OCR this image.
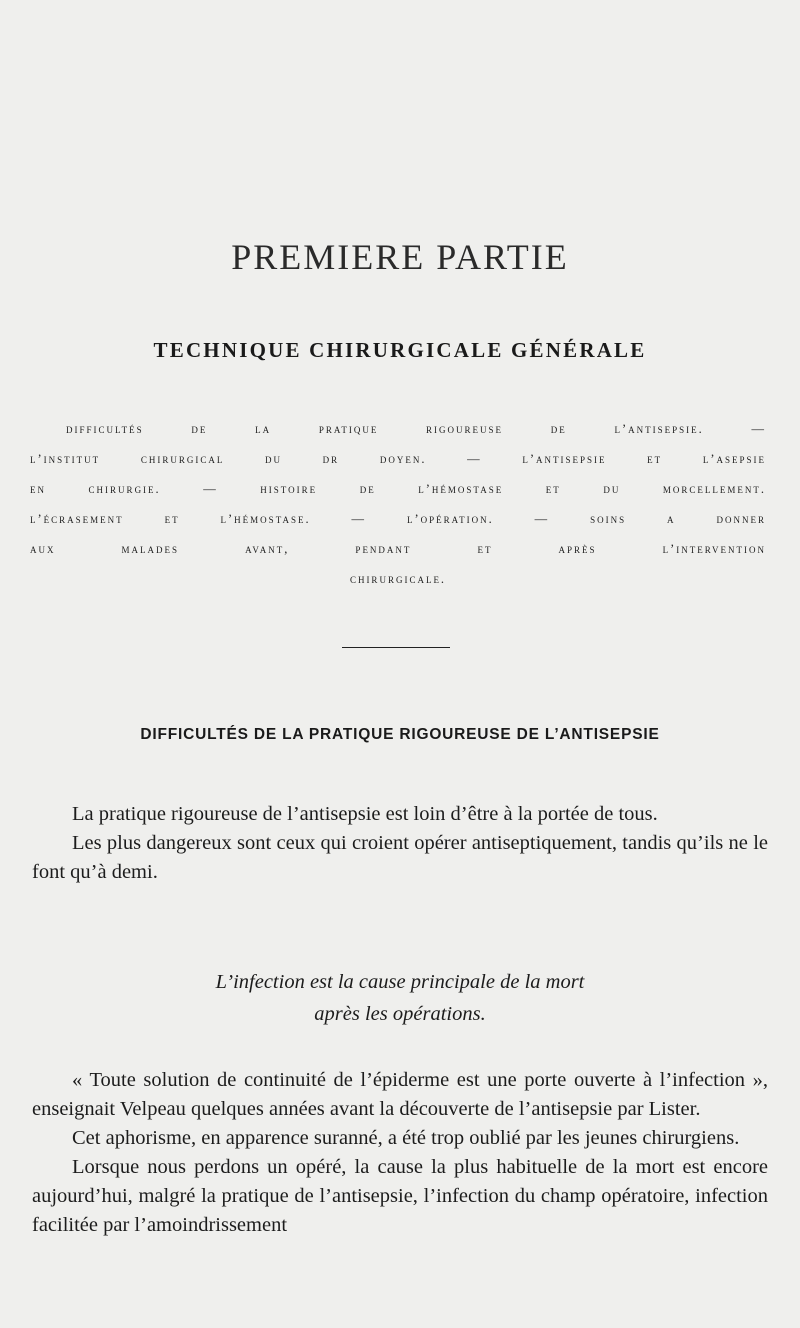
PREMIERE PARTIE
TECHNIQUE CHIRURGICALE GÉNÉRALE
difficultés de la pratique rigoureuse de l’antisepsie. —
l’institut chirurgical du dr doyen. — l’antisepsie et l’asepsie
en chirurgie. — histoire de l’hémostase et du morcellement.
l’écrasement et l’hémostase. — l’opération. — soins a donner
aux malades avant, pendant et après l’intervention
chirurgicale.
DIFFICULTÉS DE LA PRATIQUE RIGOUREUSE DE L’ANTISEPSIE

La pratique rigoureuse de l’antisepsie est loin d’être à la portée de tous.

Les plus dangereux sont ceux qui croient opérer antiseptiquement, tandis qu’ils ne le font qu’à demi.

L’infection est la cause principale de la mort
après les opérations.

« Toute solution de continuité de l’épiderme est une porte ouverte à l’infection », enseignait Velpeau quelques années avant la découverte de l’antisepsie par Lister.

Cet aphorisme, en apparence suranné, a été trop oublié par les jeunes chirurgiens.

Lorsque nous perdons un opéré, la cause la plus habituelle de la mort est encore aujourd’hui, malgré la pratique de l’antisepsie, l’infection du champ opératoire, infection facilitée par l’amoindrissement
